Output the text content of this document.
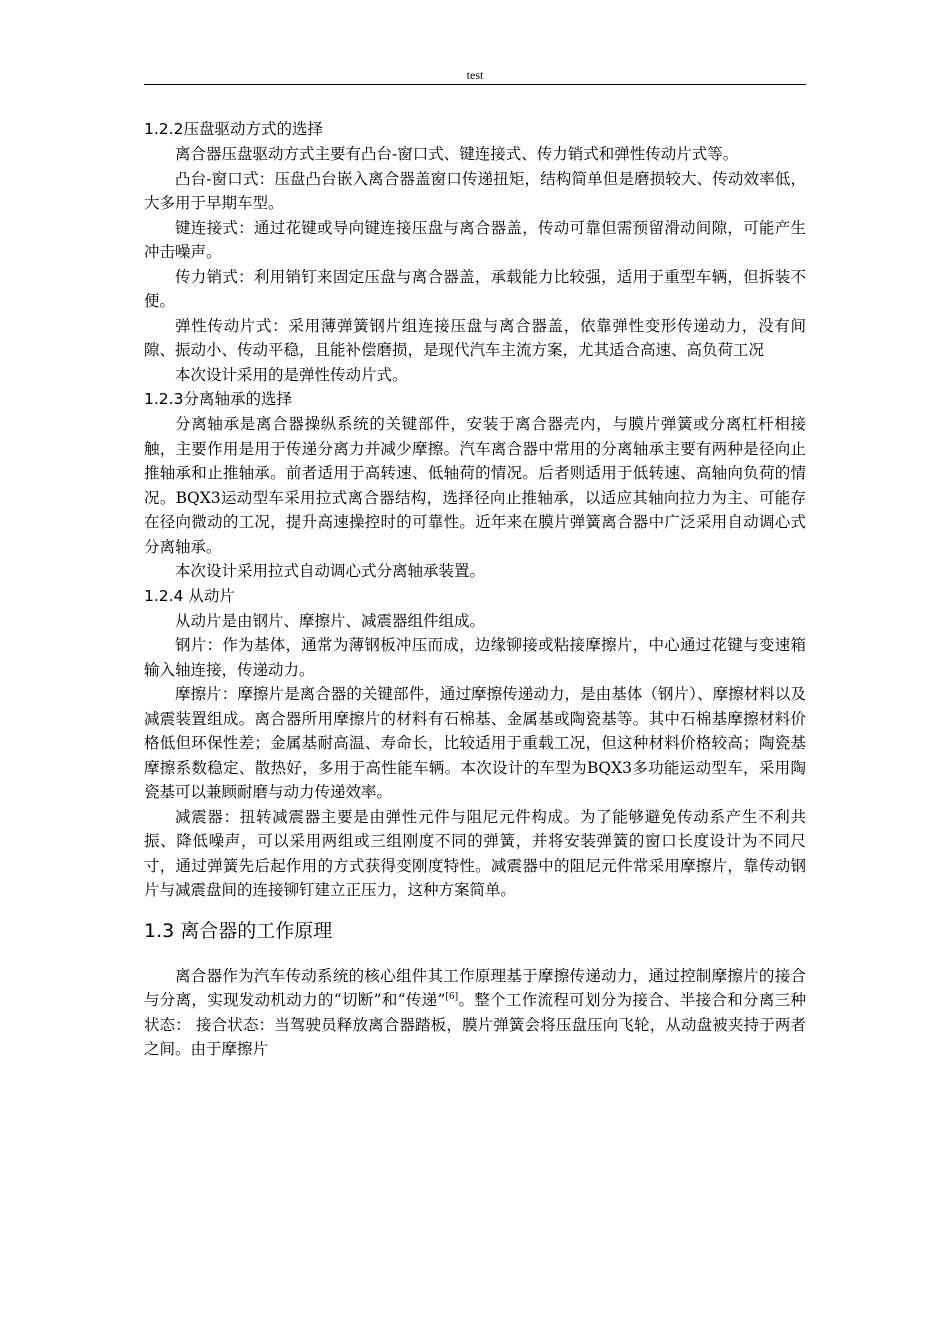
test
1.2.2压盘驱动方式的选择

离合器压盘驱动方式主要有凸台-窗口式、键连接式、传力销式和弹性传动片式等。

凸台-窗口式：压盘凸台嵌入离合器盖窗口传递扭矩，结构简单但是磨损较大、传动效率低，大多用于早期车型。

键连接式：通过花键或导向键连接压盘与离合器盖，传动可靠但需预留滑动间隙，可能产生冲击噪声。

传力销式：利用销钉来固定压盘与离合器盖，承载能力比较强，适用于重型车辆，但拆装不便。

弹性传动片式：采用薄弹簧钢片组连接压盘与离合器盖，依靠弹性变形传递动力，没有间隙、振动小、传动平稳，且能补偿磨损，是现代汽车主流方案，尤其适合高速、高负荷工况

本次设计采用的是弹性传动片式。

1.2.3分离轴承的选择

分离轴承是离合器操纵系统的关键部件，安装于离合器壳内，与膜片弹簧或分离杠杆相接触，主要作用是用于传递分离力并减少摩擦。汽车离合器中常用的分离轴承主要有两种是径向止推轴承和止推轴承。前者适用于高转速、低轴荷的情况。后者则适用于低转速、高轴向负荷的情况。BQX3运动型车采用拉式离合器结构，选择径向止推轴承，以适应其轴向拉力为主、可能存在径向微动的工况，提升高速操控时的可靠性。近年来在膜片弹簧离合器中广泛采用自动调心式分离轴承。

本次设计采用拉式自动调心式分离轴承装置。

1.2.4 从动片

从动片是由钢片、摩擦片、减震器组件组成。

钢片：作为基体，通常为薄钢板冲压而成，边缘铆接或粘接摩擦片，中心通过花键与变速箱输入轴连接，传递动力。

摩擦片：摩擦片是离合器的关键部件，通过摩擦传递动力，是由基体（钢片）、摩擦材料以及减震装置组成。离合器所用摩擦片的材料有石棉基、金属基或陶瓷基等。其中石棉基摩擦材料价格低但环保性差；金属基耐高温、寿命长，比较适用于重载工况，但这种材料价格较高；陶瓷基摩擦系数稳定、散热好，多用于高性能车辆。本次设计的车型为BQX3多功能运动型车，采用陶瓷基可以兼顾耐磨与动力传递效率。

减震器：扭转减震器主要是由弹性元件与阻尼元件构成。为了能够避免传动系产生不利共振、降低噪声，可以采用两组或三组刚度不同的弹簧，并将安装弹簧的窗口长度设计为不同尺寸，通过弹簧先后起作用的方式获得变刚度特性。减震器中的阻尼元件常采用摩擦片，靠传动钢片与减震盘间的连接铆钉建立正压力，这种方案简单。

1.3 离合器的工作原理

离合器作为汽车传动系统的核心组件其工作原理基于摩擦传递动力，通过控制摩擦片的接合与分离，实现发动机动力的“切断”和“传递”[6]。整个工作流程可划分为接合、半接合和分离三种状态： 接合状态：当驾驶员释放离合器踏板，膜片弹簧会将压盘压向飞轮，从动盘被夹持于两者之间。由于摩擦片
